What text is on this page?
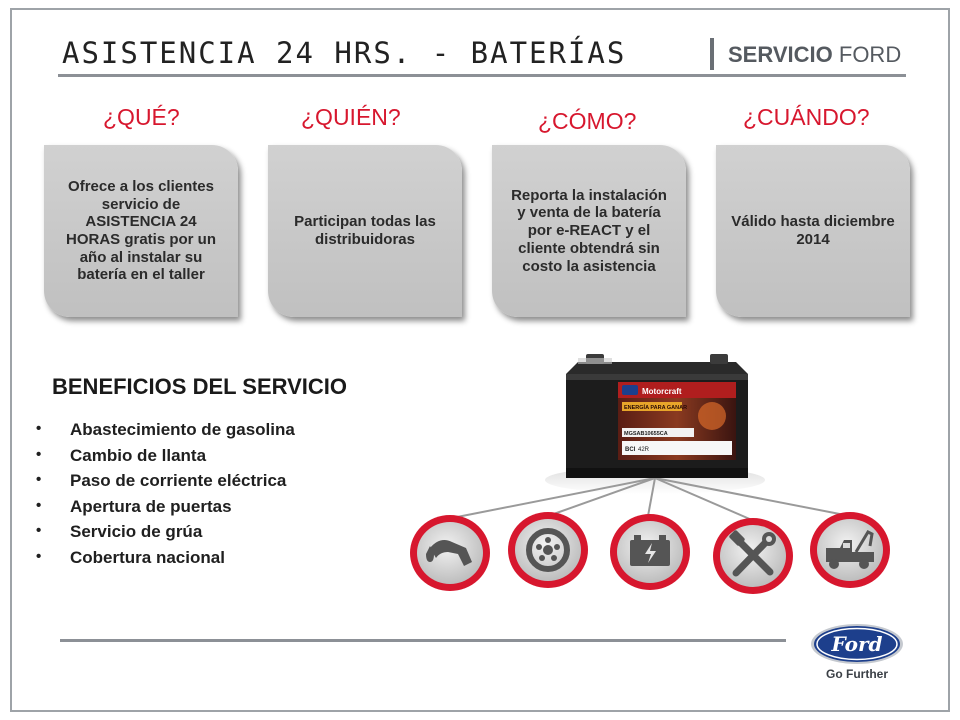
ASISTENCIA 24 HRS. - BATERÍAS	SERVICIO FORD
¿QUÉ?	¿QUIÉN?	¿CÓMO?	¿CUÁNDO?
Ofrece a los clientes servicio de ASISTENCIA 24 HORAS gratis por un año al instalar su batería en el taller
Participan todas las distribuidoras
Reporta la instalación y venta de la batería por e-REACT y el cliente obtendrá sin costo la asistencia
Válido hasta diciembre 2014
BENEFICIOS DEL SERVICIO
• Abastecimiento de gasolina
• Cambio de llanta
• Paso de corriente eléctrica
• Apertura de puertas
• Servicio de grúa
• Cobertura nacional
Motorcraft
ENERGÍA PARA GANAR
MGSAB10655CA
BCI 42R
Ford
Go Further
